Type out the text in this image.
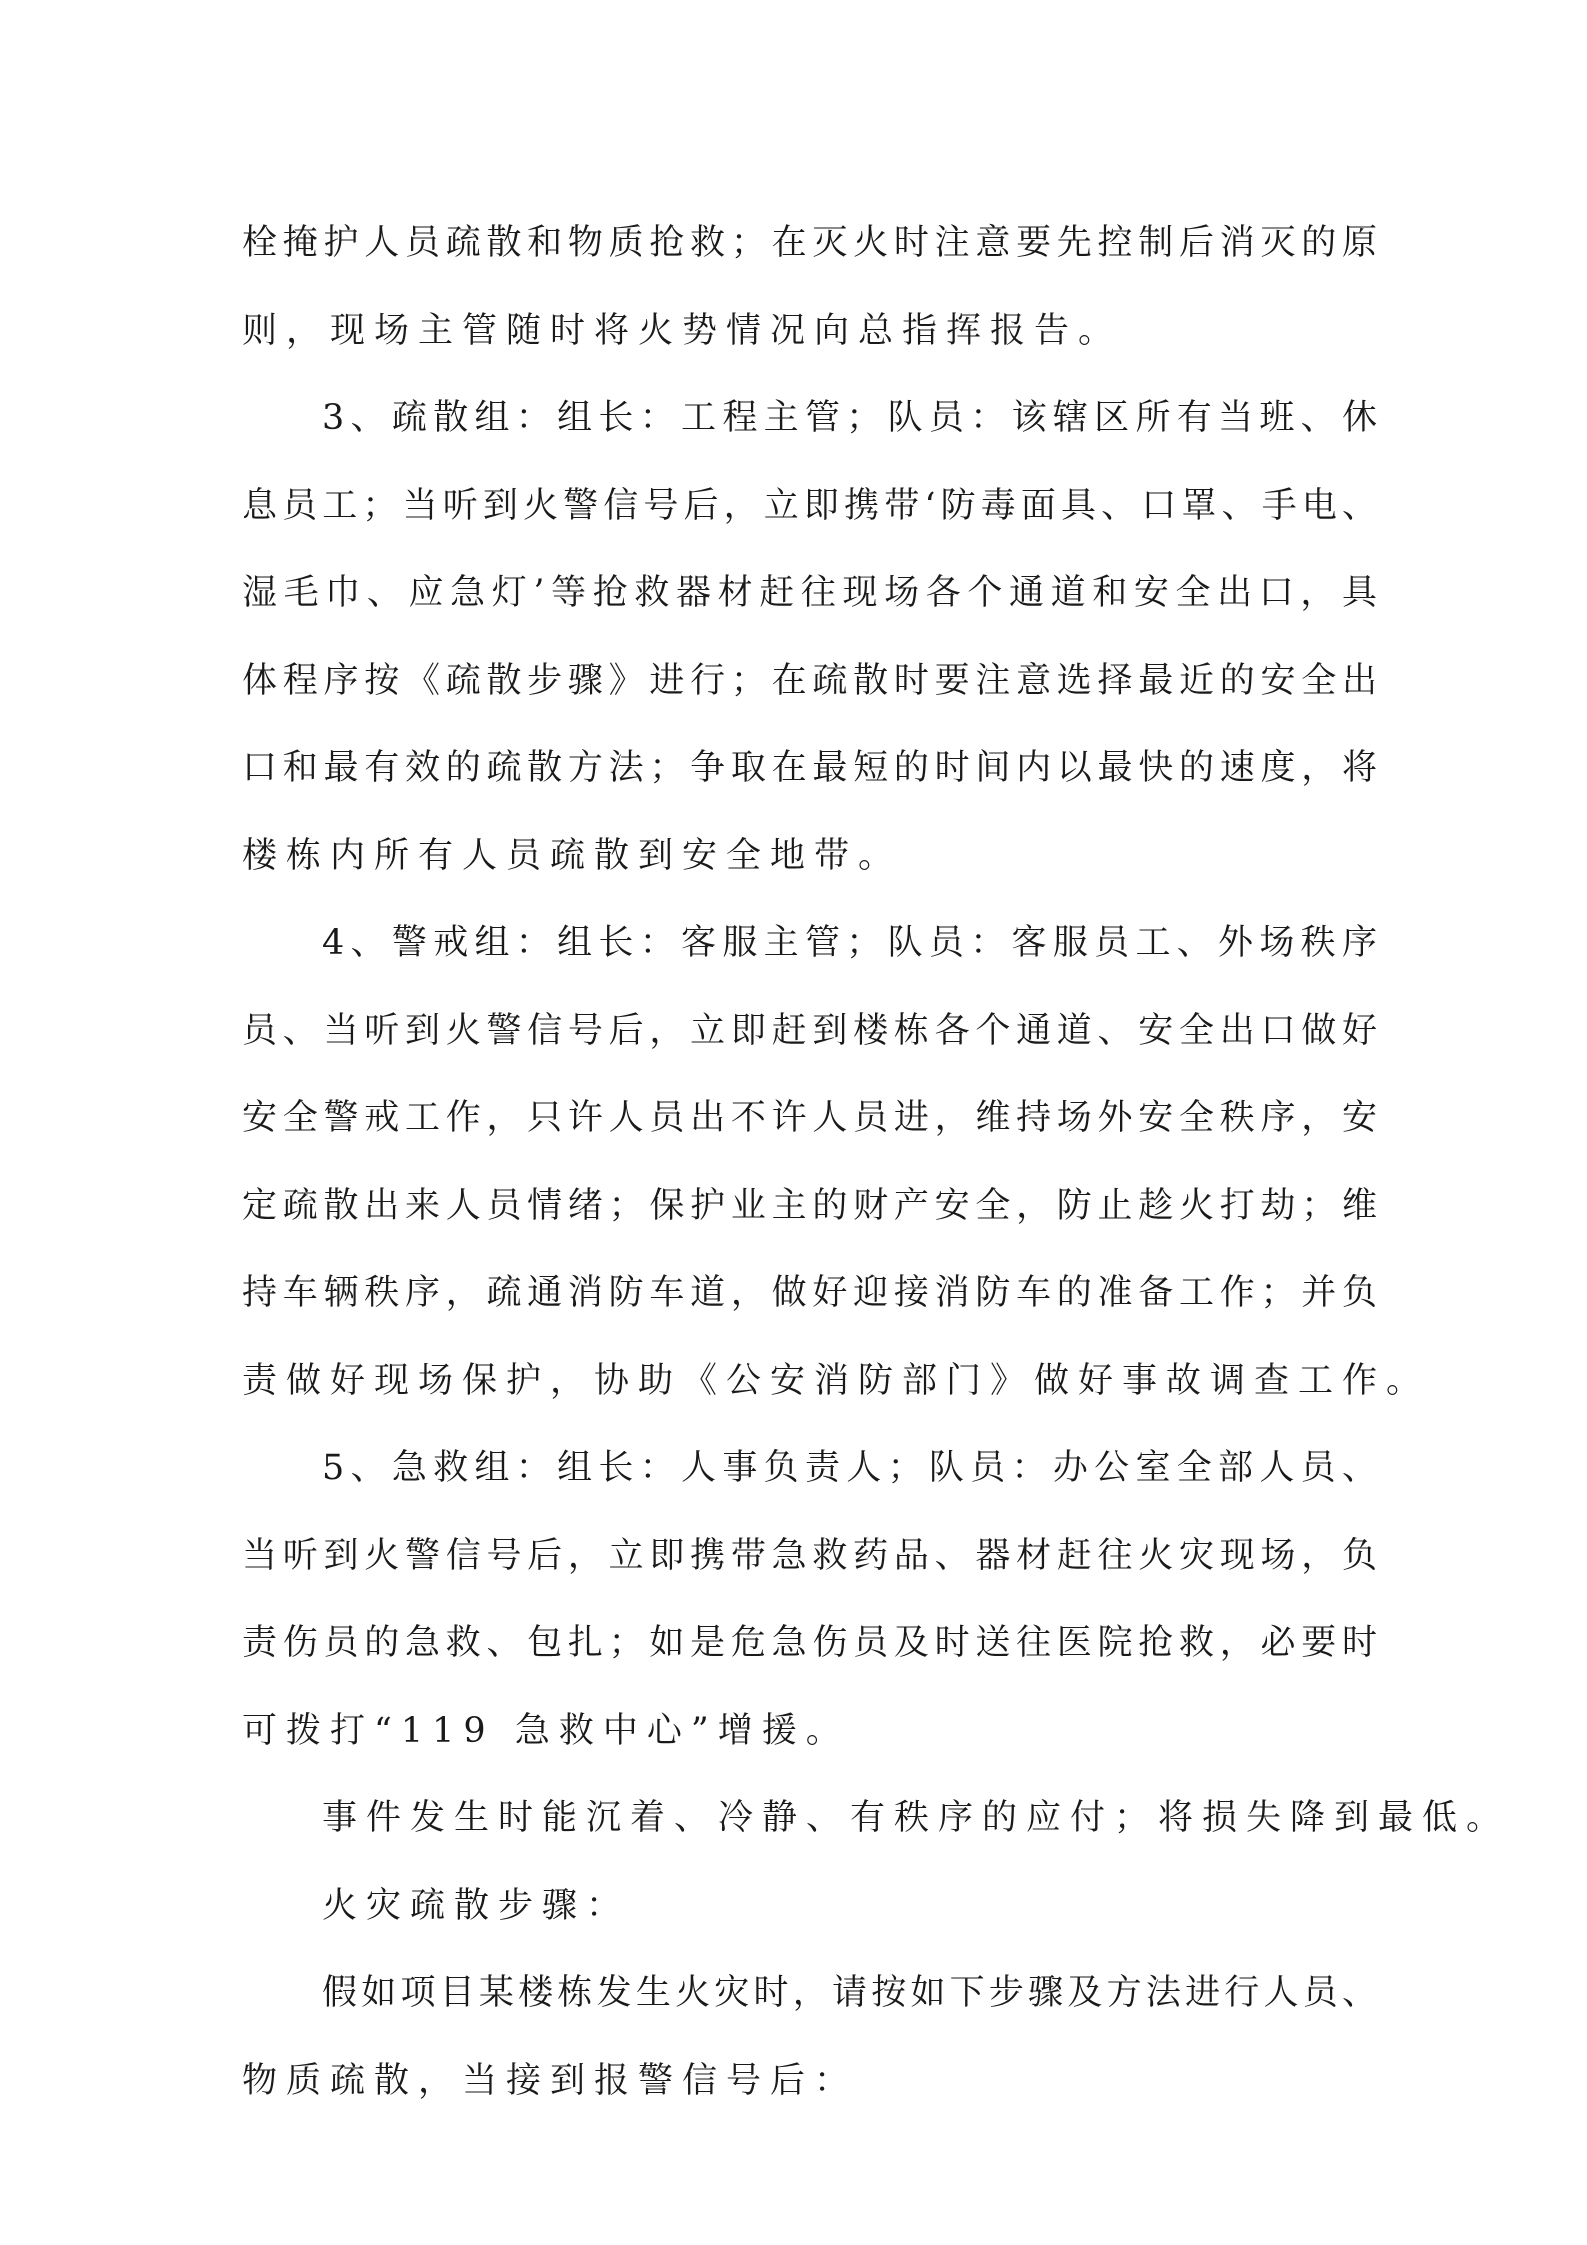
栓掩护人员疏散和物质抢救；在灭火时注意要先控制后消灭的原
则，现场主管随时将火势情况向总指挥报告。
3、疏散组：组长：工程主管；队员：该辖区所有当班、休
息员工；当听到火警信号后，立即携带‘防毒面具、口罩、手电、
湿毛巾、应急灯’等抢救器材赶往现场各个通道和安全出口，具
体程序按《疏散步骤》进行；在疏散时要注意选择最近的安全出
口和最有效的疏散方法；争取在最短的时间内以最快的速度，将
楼栋内所有人员疏散到安全地带。
4、警戒组：组长：客服主管；队员：客服员工、外场秩序
员、当听到火警信号后，立即赶到楼栋各个通道、安全出口做好
安全警戒工作，只许人员出不许人员进，维持场外安全秩序，安
定疏散出来人员情绪；保护业主的财产安全，防止趁火打劫；维
持车辆秩序，疏通消防车道，做好迎接消防车的准备工作；并负
责做好现场保护，协助《公安消防部门》做好事故调查工作。
5、急救组：组长：人事负责人；队员：办公室全部人员、
当听到火警信号后，立即携带急救药品、器材赶往火灾现场，负
责伤员的急救、包扎；如是危急伤员及时送往医院抢救，必要时
可拨打“119 急救中心”增援。
事件发生时能沉着、冷静、有秩序的应付；将损失降到最低。
火灾疏散步骤：
假如项目某楼栋发生火灾时，请按如下步骤及方法进行人员、
物质疏散，当接到报警信号后：
